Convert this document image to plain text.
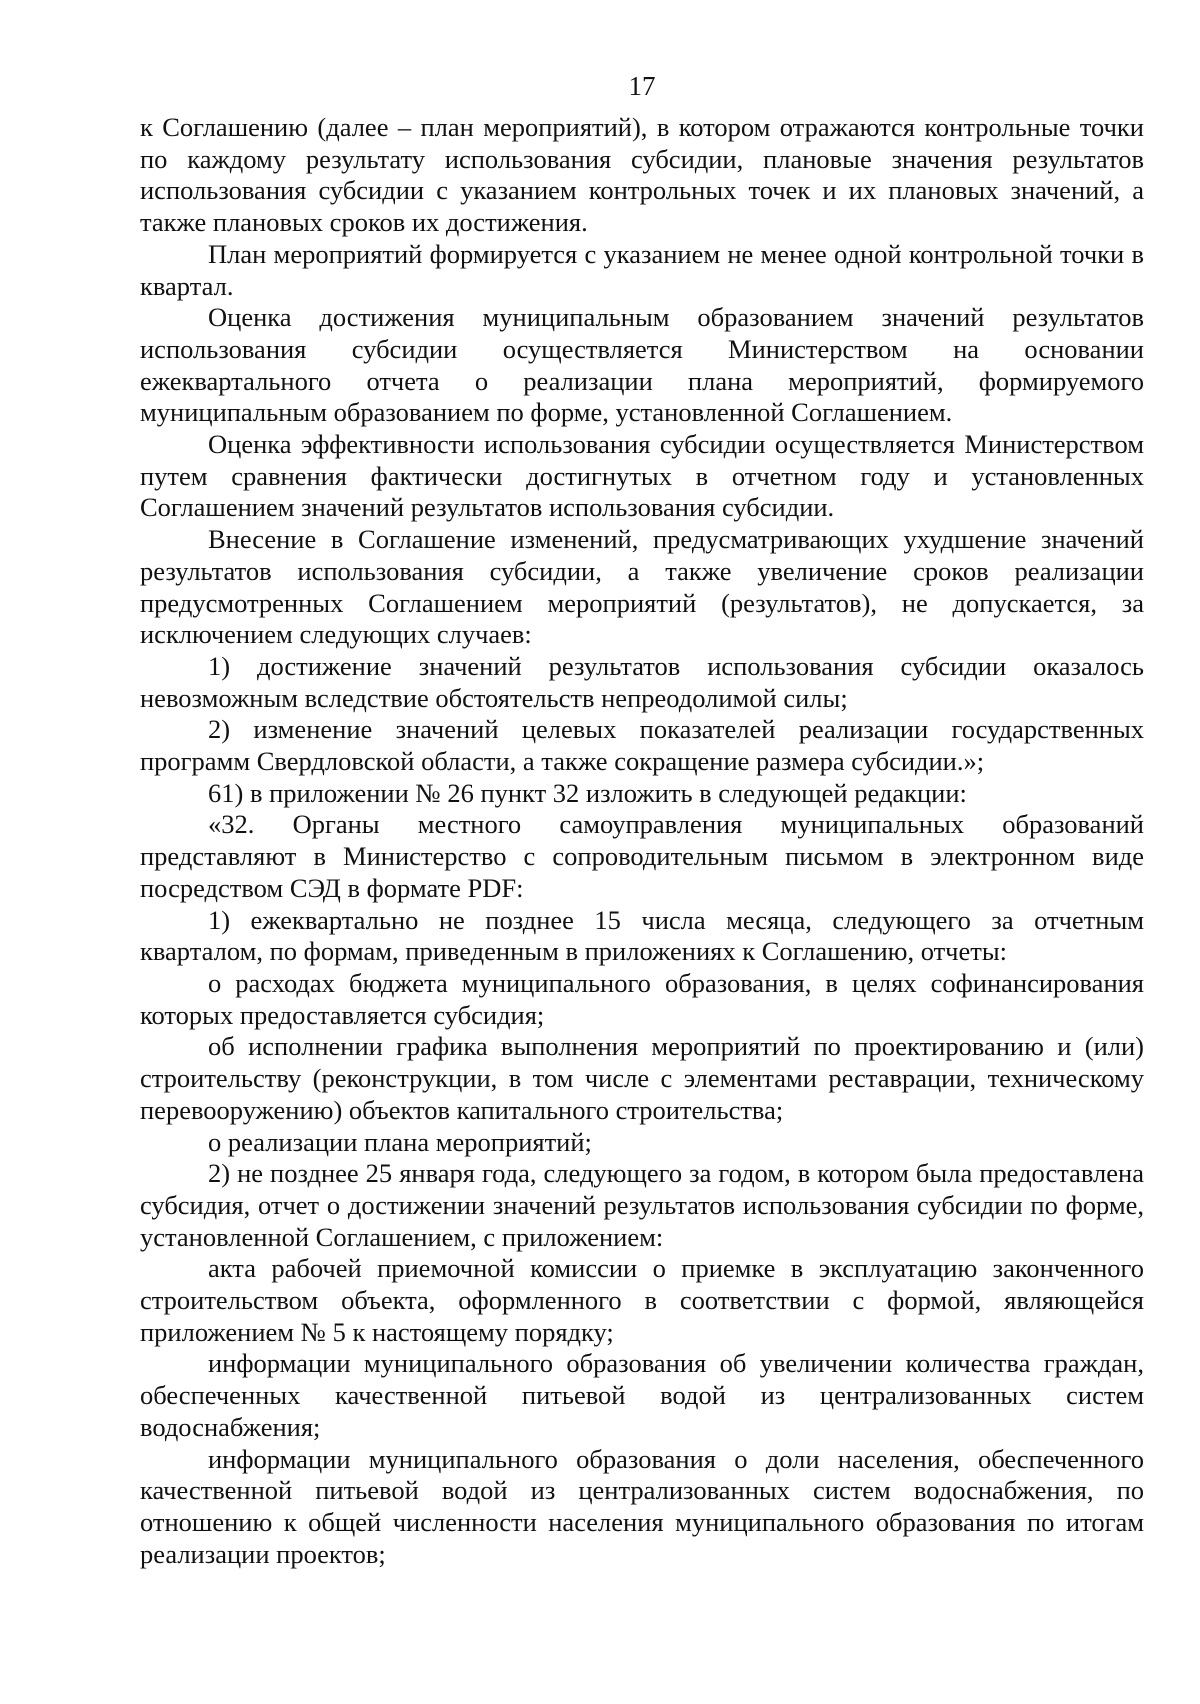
17

к Соглашению (далее – план мероприятий), в котором отражаются контрольные точки по каждому результату использования субсидии, плановые значения результатов использования субсидии с указанием контрольных точек и их плановых значений, а также плановых сроков их достижения.

План мероприятий формируется с указанием не менее одной контрольной точки в квартал.

Оценка достижения муниципальным образованием значений результатов использования субсидии осуществляется Министерством на основании ежеквартального отчета о реализации плана мероприятий, формируемого муниципальным образованием по форме, установленной Соглашением.

Оценка эффективности использования субсидии осуществляется Министерством путем сравнения фактически достигнутых в отчетном году и установленных Соглашением значений результатов использования субсидии.

Внесение в Соглашение изменений, предусматривающих ухудшение значений результатов использования субсидии, а также увеличение сроков реализации предусмотренных Соглашением мероприятий (результатов), не допускается, за исключением следующих случаев:

1) достижение значений результатов использования субсидии оказалось невозможным вследствие обстоятельств непреодолимой силы;

2) изменение значений целевых показателей реализации государственных программ Свердловской области, а также сокращение размера субсидии.»;

61) в приложении № 26 пункт 32 изложить в следующей редакции:

«32. Органы местного самоуправления муниципальных образований представляют в Министерство с сопроводительным письмом в электронном виде посредством СЭД в формате PDF:

1) ежеквартально не позднее 15 числа месяца, следующего за отчетным кварталом, по формам, приведенным в приложениях к Соглашению, отчеты:

о расходах бюджета муниципального образования, в целях софинансирования которых предоставляется субсидия;

об исполнении графика выполнения мероприятий по проектированию и (или) строительству (реконструкции, в том числе с элементами реставрации, техническому перевооружению) объектов капитального строительства;

о реализации плана мероприятий;

2) не позднее 25 января года, следующего за годом, в котором была предоставлена субсидия, отчет о достижении значений результатов использования субсидии по форме, установленной Соглашением, с приложением:

акта рабочей приемочной комиссии о приемке в эксплуатацию законченного строительством объекта, оформленного в соответствии с формой, являющейся приложением № 5 к настоящему порядку;

информации муниципального образования об увеличении количества граждан, обеспеченных качественной питьевой водой из централизованных систем водоснабжения;

информации муниципального образования о доли населения, обеспеченного качественной питьевой водой из централизованных систем водоснабжения, по отношению к общей численности населения муниципального образования по итогам реализации проектов;
